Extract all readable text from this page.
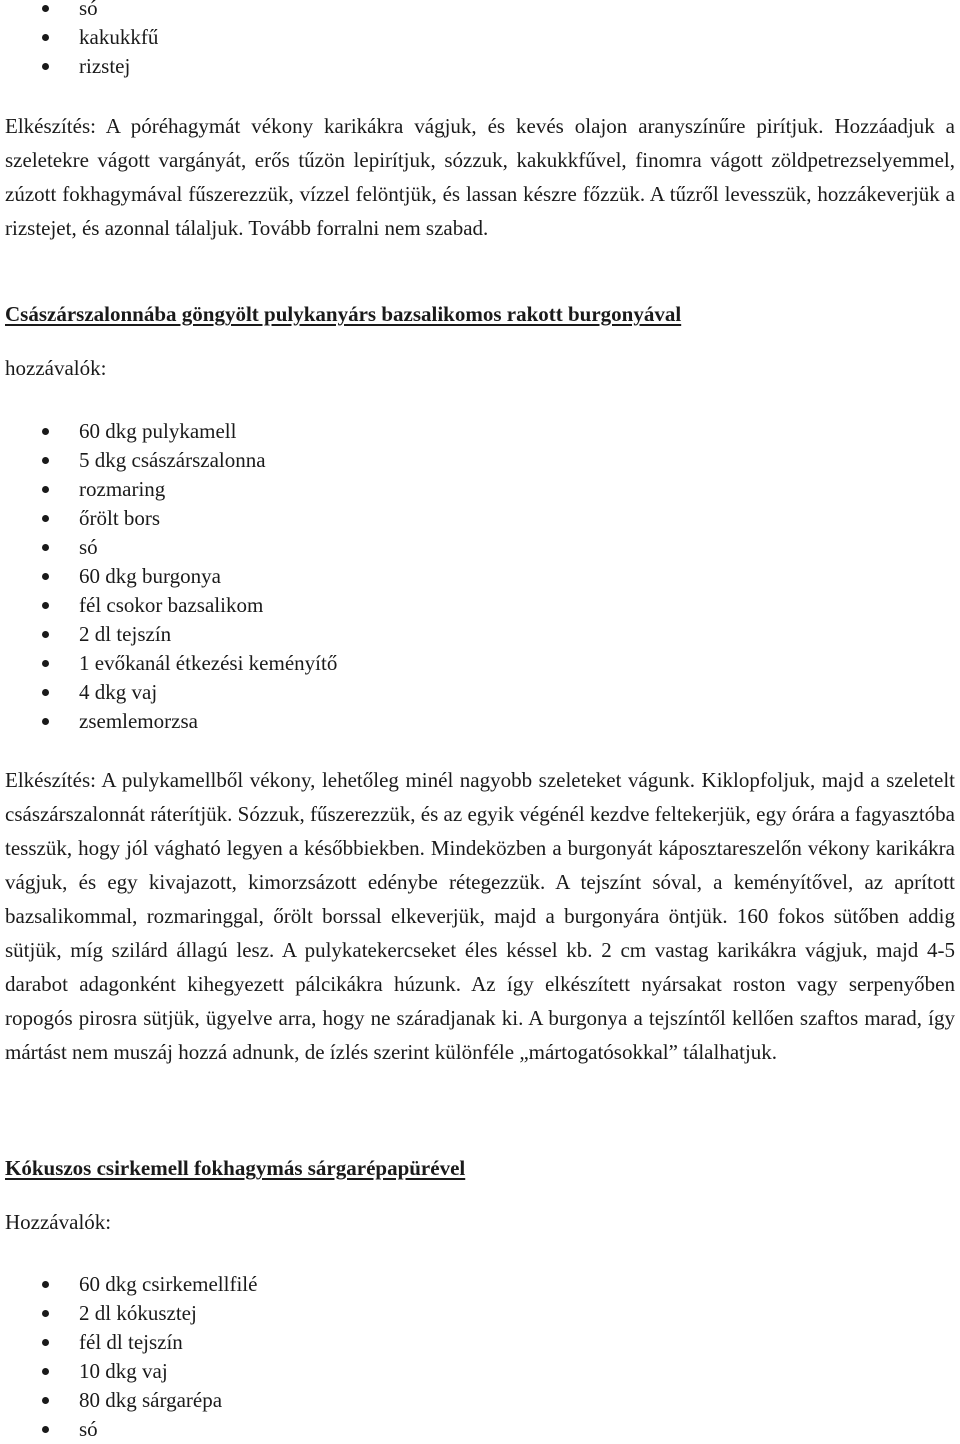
só
kakukkfű
rizstej

Elkészítés: A póréhagymát vékony karikákra vágjuk, és kevés olajon aranyszínűre pirítjuk. Hozzáadjuk a szeletekre vágott vargányát, erős tűzön lepirítjuk, sózzuk, kakukkfűvel, finomra vágott zöldpetrezselyemmel, zúzott fokhagymával fűszerezzük, vízzel felöntjük, és lassan készre főzzük. A tűzről levesszük, hozzákeverjük a rizstejet, és azonnal tálaljuk. Tovább forralni nem szabad.

Császárszalonnába göngyölt pulykanyárs bazsalikomos rakott burgonyával
hozzávalók:
60 dkg pulykamell
5 dkg császárszalonna
rozmaring
őrölt bors
só
60 dkg burgonya
fél csokor bazsalikom
2 dl tejszín
1 evőkanál étkezési keményítő
4 dkg vaj
zsemlemorzsa

Elkészítés: A pulykamellből vékony, lehetőleg minél nagyobb szeleteket vágunk. Kiklopfoljuk, majd a szeletelt császárszalonnát ráterítjük. Sózzuk, fűszerezzük, és az egyik végénél kezdve feltekerjük, egy órára a fagyasztóba tesszük, hogy jól vágható legyen a későbbiekben. Mindeközben a burgonyát káposztareszelőn vékony karikákra vágjuk, és egy kivajazott, kimorzsázott edénybe rétegezzük. A tejszínt sóval, a keményítővel, az aprított bazsalikommal, rozmaringgal, őrölt borssal elkeverjük, majd a burgonyára öntjük. 160 fokos sütőben addig sütjük, míg szilárd állagú lesz. A pulykatekercseket éles késsel kb. 2 cm vastag karikákra vágjuk, majd 4-5 darabot adagonként kihegyezett pálcikákra húzunk. Az így elkészített nyársakat roston vagy serpenyőben ropogós pirosra sütjük, ügyelve arra, hogy ne száradjanak ki. A burgonya a tejszíntől kellően szaftos marad, így mártást nem muszáj hozzá adnunk, de ízlés szerint különféle „mártogatósokkal” tálalhatjuk.

Kókuszos csirkemell fokhagymás sárgarépapürével
Hozzávalók:
60 dkg csirkemellfilé
2 dl kókusztej
fél dl tejszín
10 dkg vaj
80 dkg sárgarépa
só
